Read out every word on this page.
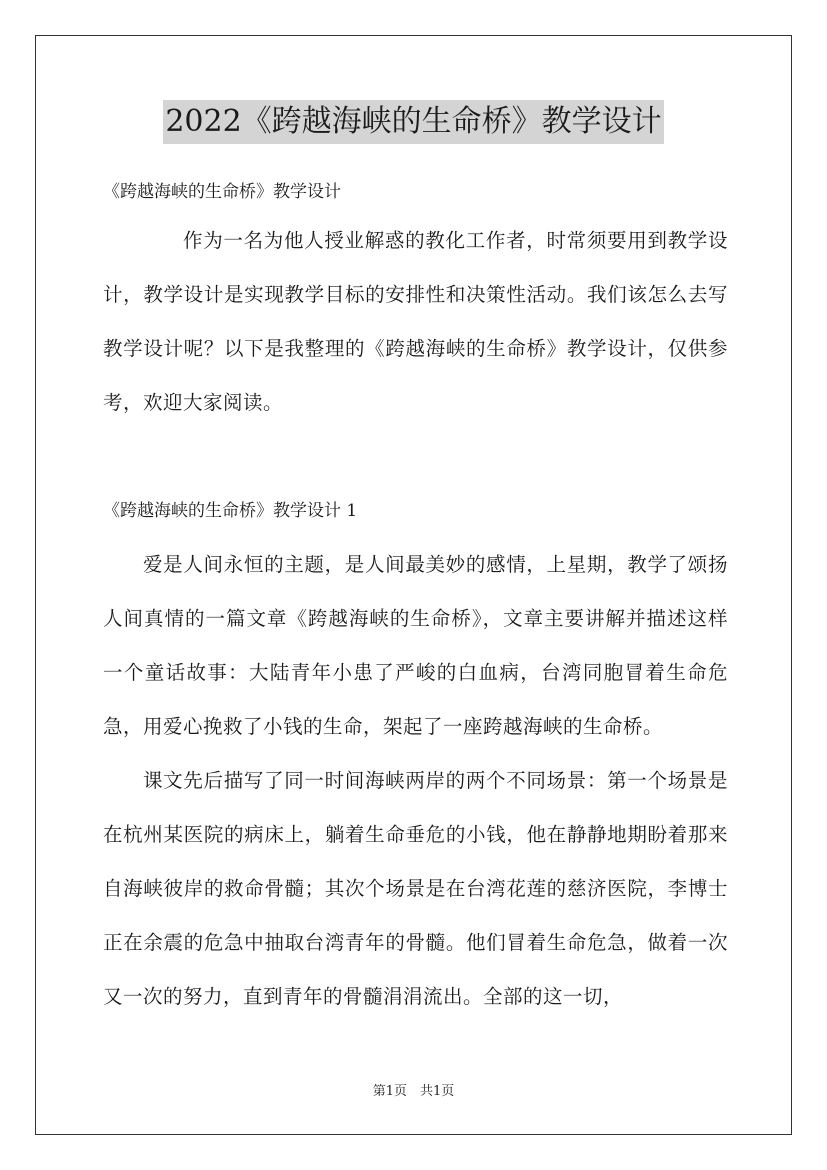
2022《跨越海峡的生命桥》教学设计

《跨越海峡的生命桥》教学设计

作为一名为他人授业解惑的教化工作者，时常须要用到教学设计，教学设计是实现教学目标的安排性和决策性活动。我们该怎么去写教学设计呢？以下是我整理的《跨越海峡的生命桥》教学设计，仅供参考，欢迎大家阅读。

《跨越海峡的生命桥》教学设计 1

爱是人间永恒的主题，是人间最美妙的感情，上星期，教学了颂扬人间真情的一篇文章《跨越海峡的生命桥》，文章主要讲解并描述这样一个童话故事：大陆青年小患了严峻的白血病，台湾同胞冒着生命危急，用爱心挽救了小钱的生命，架起了一座跨越海峡的生命桥。

课文先后描写了同一时间海峡两岸的两个不同场景：第一个场景是在杭州某医院的病床上，躺着生命垂危的小钱，他在静静地期盼着那来自海峡彼岸的救命骨髓；其次个场景是在台湾花莲的慈济医院，李博士正在余震的危急中抽取台湾青年的骨髓。他们冒着生命危急，做着一次又一次的努力，直到青年的骨髓涓涓流出。全部的这一切，

第1页　共1页
